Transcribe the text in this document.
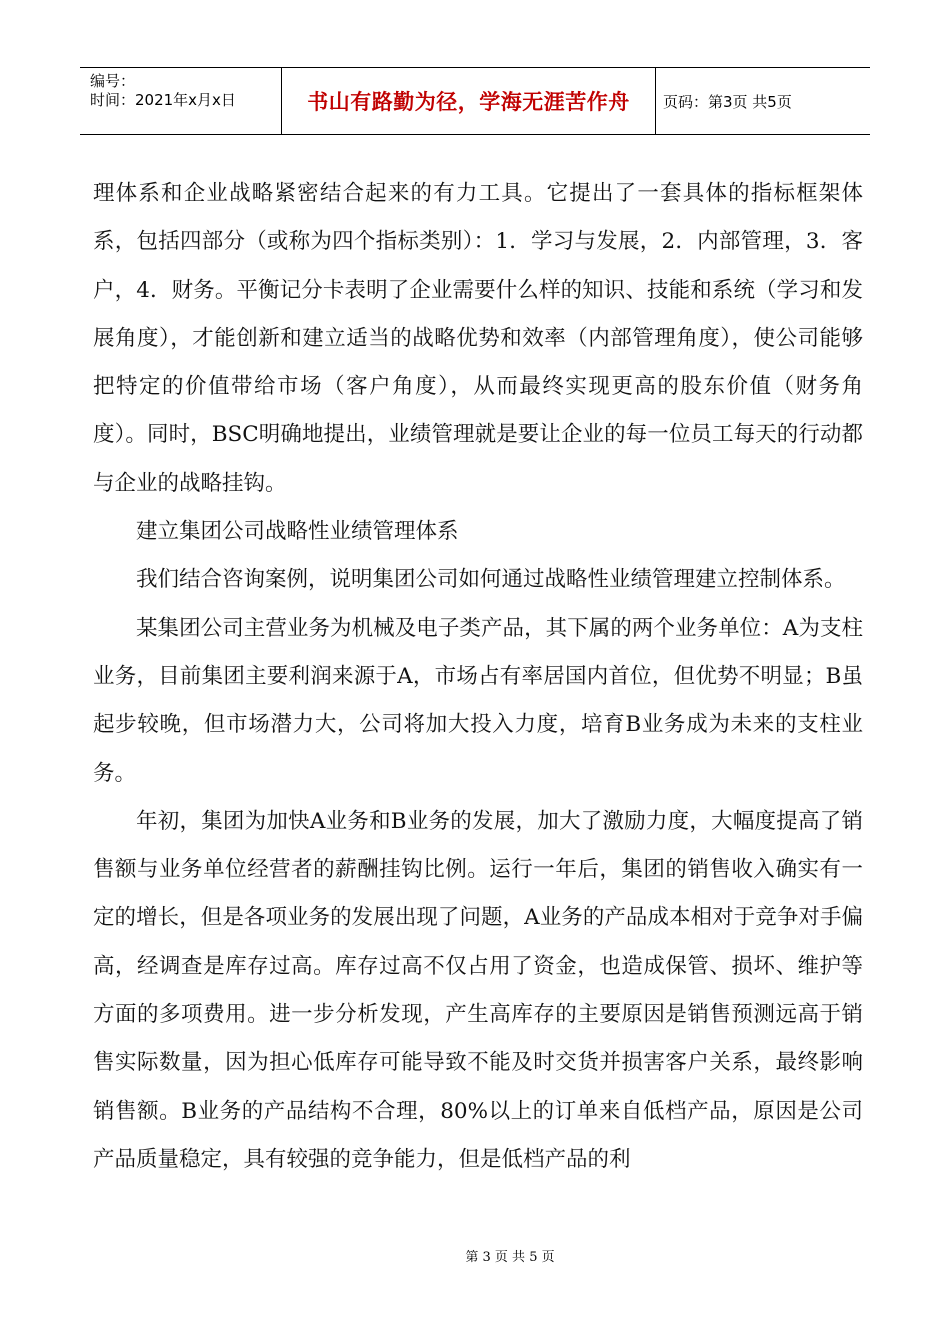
编号：
时间：2021年x月x日	书山有路勤为径，学海无涯苦作舟	页码：第3页 共5页

理体系和企业战略紧密结合起来的有力工具。它提出了一套具体的指标框架体系，包括四部分（或称为四个指标类别）：1．学习与发展，2．内部管理，3．客户，4．财务。平衡记分卡表明了企业需要什么样的知识、技能和系统（学习和发展角度），才能创新和建立适当的战略优势和效率（内部管理角度），使公司能够把特定的价值带给市场（客户角度），从而最终实现更高的股东价值（财务角度）。同时，BSC明确地提出，业绩管理就是要让企业的每一位员工每天的行动都与企业的战略挂钩。

建立集团公司战略性业绩管理体系

我们结合咨询案例，说明集团公司如何通过战略性业绩管理建立控制体系。

某集团公司主营业务为机械及电子类产品，其下属的两个业务单位：A为支柱业务，目前集团主要利润来源于A，市场占有率居国内首位，但优势不明显；B虽起步较晚，但市场潜力大，公司将加大投入力度，培育B业务成为未来的支柱业务。

年初，集团为加快A业务和B业务的发展，加大了激励力度，大幅度提高了销售额与业务单位经营者的薪酬挂钩比例。运行一年后，集团的销售收入确实有一定的增长，但是各项业务的发展出现了问题，A业务的产品成本相对于竞争对手偏高，经调查是库存过高。库存过高不仅占用了资金，也造成保管、损坏、维护等方面的多项费用。进一步分析发现，产生高库存的主要原因是销售预测远高于销售实际数量，因为担心低库存可能导致不能及时交货并损害客户关系，最终影响销售额。B业务的产品结构不合理，80%以上的订单来自低档产品，原因是公司产品质量稳定，具有较强的竞争能力，但是低档产品的利

第 3 页 共 5 页
